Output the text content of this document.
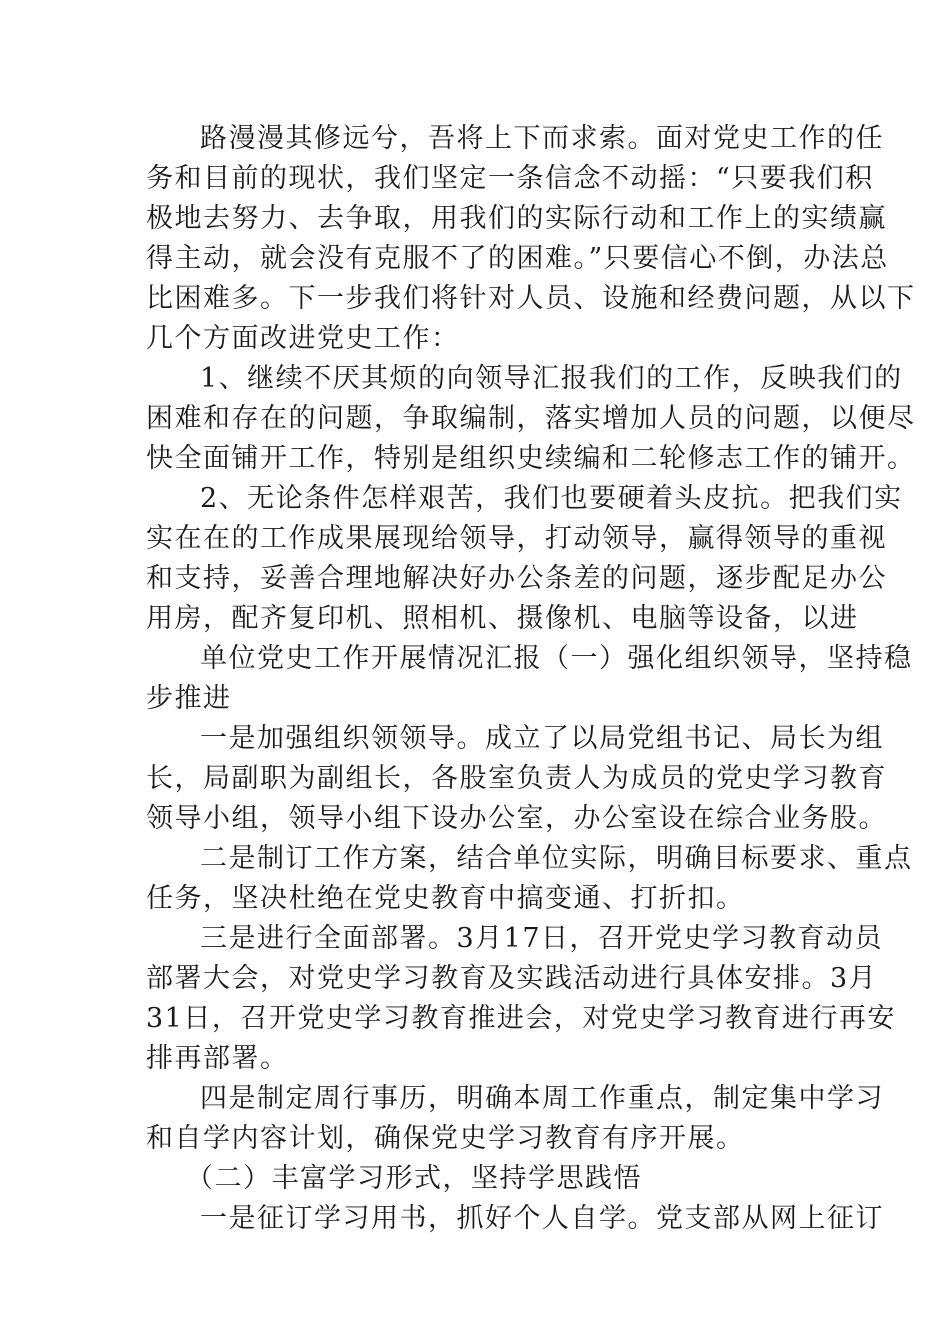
路漫漫其修远兮，吾将上下而求索。面对党史工作的任
务和目前的现状，我们坚定一条信念不动摇：“只要我们积
极地去努力、去争取，用我们的实际行动和工作上的实绩赢
得主动，就会没有克服不了的困难。”只要信心不倒，办法总
比困难多。下一步我们将针对人员、设施和经费问题，从以下
几个方面改进党史工作：
1、继续不厌其烦的向领导汇报我们的工作，反映我们的
困难和存在的问题，争取编制，落实增加人员的问题，以便尽
快全面铺开工作，特别是组织史续编和二轮修志工作的铺开。
2、无论条件怎样艰苦，我们也要硬着头皮抗。把我们实
实在在的工作成果展现给领导，打动领导，赢得领导的重视
和支持，妥善合理地解决好办公条差的问题，逐步配足办公
用房，配齐复印机、照相机、摄像机、电脑等设备，以进
单位党史工作开展情况汇报（一）强化组织领导，坚持稳
步推进
一是加强组织领领导。成立了以局党组书记、局长为组
长，局副职为副组长，各股室负责人为成员的党史学习教育
领导小组，领导小组下设办公室，办公室设在综合业务股。
二是制订工作方案，结合单位实际，明确目标要求、重点
任务，坚决杜绝在党史教育中搞变通、打折扣。
三是进行全面部署。3月17日，召开党史学习教育动员
部署大会，对党史学习教育及实践活动进行具体安排。3月
31日，召开党史学习教育推进会，对党史学习教育进行再安
排再部署。
四是制定周行事历，明确本周工作重点，制定集中学习
和自学内容计划，确保党史学习教育有序开展。
（二）丰富学习形式，坚持学思践悟
一是征订学习用书，抓好个人自学。党支部从网上征订
